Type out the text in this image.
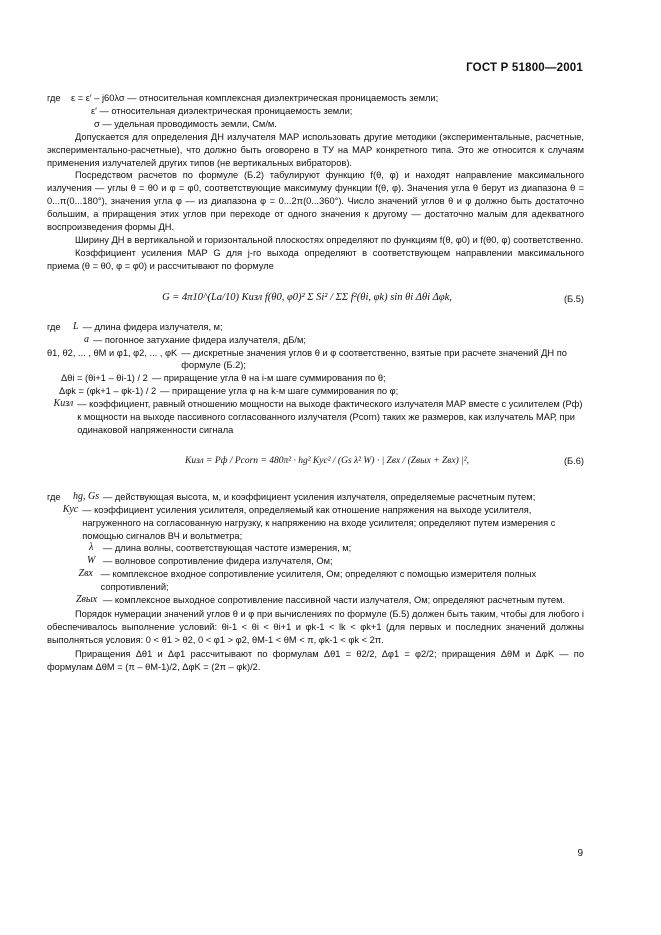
ГОСТ Р 51800—2001
где	ε = ε′ – j60λσ — относительная комплексная диэлектрическая проницаемость земли;
ε′ — относительная диэлектрическая проницаемость земли;
σ — удельная проводимость земли, См/м.

Допускается для определения ДН излучателя МАР использовать другие методики (экспериментальные, расчетные, экспериментально-расчетные), что должно быть оговорено в ТУ на МАР конкретного типа. Это же относится к случаям применения излучателей других типов (не вертикальных вибраторов).

Посредством расчетов по формуле (Б.2) табулируют функцию f(θ, φ) и находят направление максимального излучения — углы θ = θ0 и φ = φ0, соответствующие максимуму функции f(θ, φ). Значения угла θ берут из диапазона θ = 0...π(0...180°), значения угла φ — из диапазона φ = 0...2π(0...360°). Число значений углов θ и φ должно быть достаточно большим, а приращения этих углов при переходе от одного значения к другому — достаточно малым для адекватного воспроизведения формы ДН.

Ширину ДН в вертикальной и горизонтальной плоскостях определяют по функциям f(θ, φ0) и f(θ0, φ) соответственно.

Коэффициент усиления МАР G для j-го выхода определяют в соответствующем направлении максимального приема (θ = θ0, φ = φ0) и рассчитывают по формуле

G = 4π10^(La/10) Kизл f(θ0, φ0)² Σ Si² / ΣΣ f²(θi, φk) sin θi Δθi Δφk,	(Б.5)
где	L — длина фидера излучателя, м;
a — погонное затухание фидера излучателя, дБ/м;
θ1, θ2, ... , θM и φ1, φ2, ... , φK — дискретные значения углов θ и φ соответственно, взятые при расчете значений ДН по формуле (Б.2);
Δθi = (θi+1 – θi-1) / 2 — приращение угла θ на i-м шаге суммирования по θ;
Δφk = (φk+1 – φk-1) / 2 — приращение угла φ на k-м шаге суммирования по φ;
Kизл — коэффициент, равный отношению мощности на выходе фактического излучателя МАР вместе с усилителем (Pф) к мощности на выходе пассивного согласованного излучателя (Pcorn) таких же размеров, как излучатель МАР, при одинаковой напряженности сигнала
Kизл = Pф / Pcorn = 480π² · hg² Kус² / (Gs λ² W) · | Zвх / (Zвых + Zвх) |²,	(Б.6)
где	hg, Gs — действующая высота, м, и коэффициент усиления излучателя, определяемые расчетным путем;
Kус — коэффициент усиления усилителя, определяемый как отношение напряжения на выходе усилителя, нагруженного на согласованную нагрузку, к напряжению на входе усилителя; определяют путем измерения с помощью сигналов ВЧ и вольтметра;
λ	— длина волны, соответствующая частоте измерения, м;
W — волновое сопротивление фидера излучателя, Ом;
Zвх — комплексное входное сопротивление усилителя, Ом; определяют с помощью измерителя полных сопротивлений;
Zвых — комплексное выходное сопротивление пассивной части излучателя, Ом; определяют расчетным путем.

Порядок нумерации значений углов θ и φ при вычислениях по формуле (Б.5) должен быть таким, чтобы для любого i обеспечивалось выполнение условий: θi-1 < θi < θi+1 и φk-1 < lk < φk+1 (для первых и последних значений должны выполняться условия: 0 < θ1 > θ2, 0 < φ1 > φ2, θM-1 < θM < π, φk-1 < φk < 2π.

Приращения Δθ1 и Δφ1 рассчитывают по формулам Δθ1 = θ2/2, Δφ1 = φ2/2; приращения ΔθM и ΔφK — по формулам ΔθM = (π – θM-1)/2, ΔφK = (2π – φk)/2.

9
